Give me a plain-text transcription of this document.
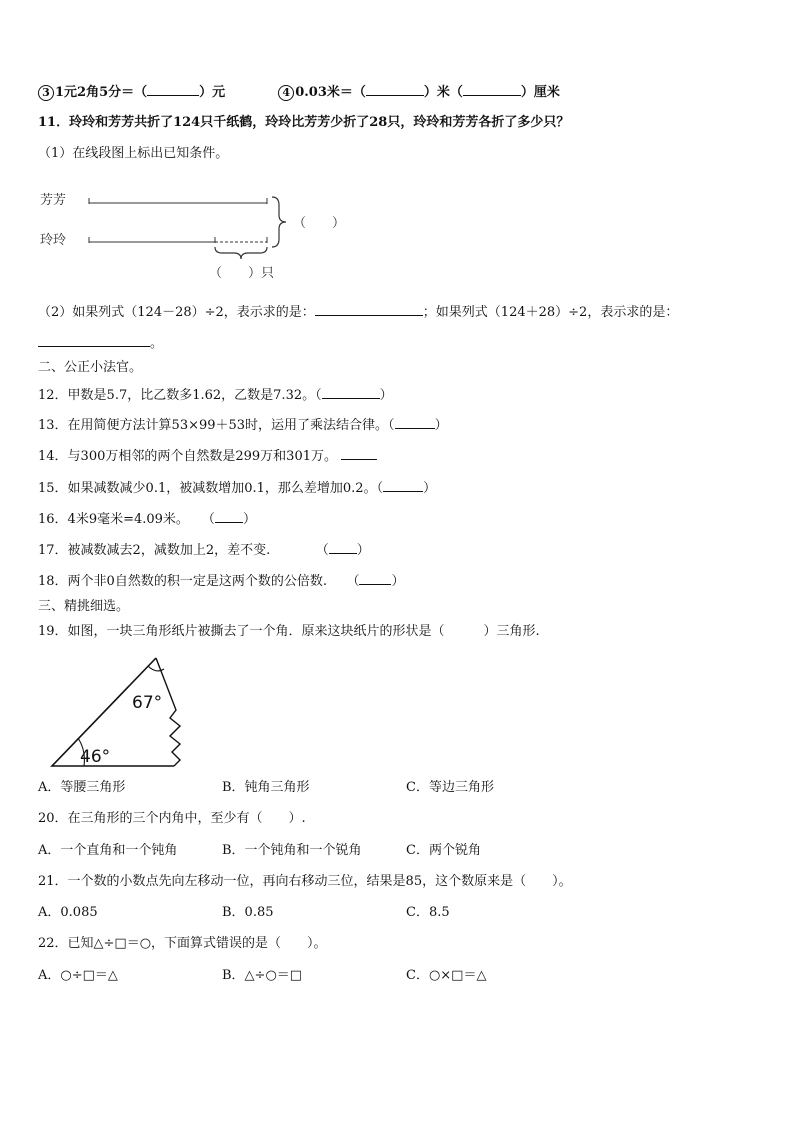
3 1元2角5分＝（	）元	4 0.03米＝（	）米（	）厘米
11．玲玲和芳芳共折了124只千纸鹤，玲玲比芳芳少折了28只，玲玲和芳芳各折了多少只？
（1）在线段图上标出已知条件。
芳芳
玲玲
（　　）
（　　）只
（2）如果列式（124－28）÷2，表示求的是：	；如果列式（124＋28）÷2，表示求的是：
。
二、公正小法官。
12．甲数是5.7，比乙数多1.62，乙数是7.32。（	）
13．在用简便方法计算53×99＋53时，运用了乘法结合律。（	）
14．与300万相邻的两个自然数是299万和301万。
15．如果减数减少0.1，被减数增加0.1，那么差增加0.2。（	）
16．4米9毫米=4.09米。　　（ ）
17．被减数减去2，减数加上2，差不变.　　　　（ ）
18．两个非0自然数的积一定是这两个数的公倍数.　　（ ）
三、精挑细选。
19．如图，一块三角形纸片被撕去了一个角．原来这块纸片的形状是（　　　）三角形.
67°
46°
A．等腰三角形	B．钝角三角形	C．等边三角形
20．在三角形的三个内角中，至少有（　　）.
A．一个直角和一个钝角	B．一个钝角和一个锐角	C．两个锐角
21．一个数的小数点先向左移动一位，再向右移动三位，结果是85，这个数原来是（　　）。
A．0.085	B．0.85	C．8.5
22．已知△÷□＝○，下面算式错误的是（　　）。
A．○÷□＝△	B．△÷○＝□	C．○×□＝△
